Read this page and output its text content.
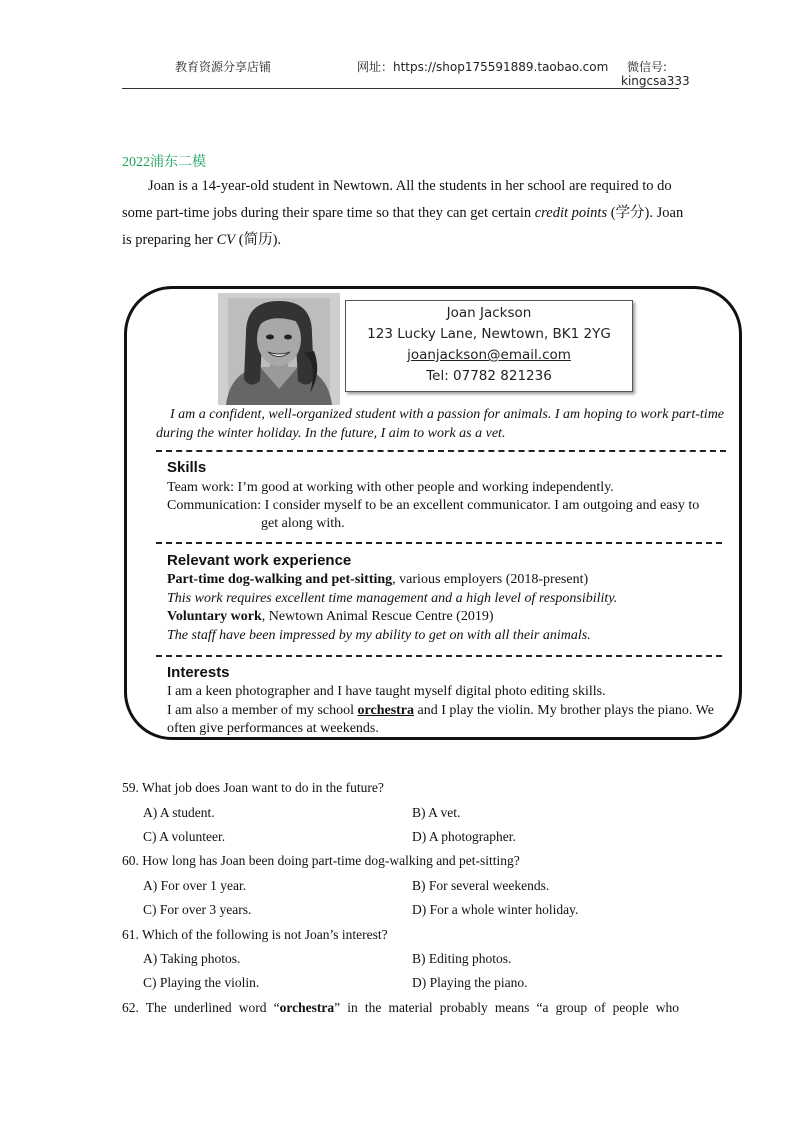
教育资源分享店铺	网址：https://shop175591889.taobao.com 微信号:
kingcsa333
2022浦东二模
Joan is a 14-year-old student in Newtown. All the students in her school are required to do
some part-time jobs during their spare time so that they can get certain credit points (学分). Joan
is preparing her CV (简历).
Joan Jackson
123 Lucky Lane, Newtown, BK1 2YG
joanjackson@email.com
Tel: 07782 821236
I am a confident, well-organized student with a passion for animals. I am hoping to work part-time
during the winter holiday. In the future, I aim to work as a vet.
Skills
Team work: I’m good at working with other people and working independently.
Communication: I consider myself to be an excellent communicator. I am outgoing and easy to
get along with.
Relevant work experience
Part-time dog-walking and pet-sitting, various employers (2018-present)
This work requires excellent time management and a high level of responsibility.
Voluntary work, Newtown Animal Rescue Centre (2019)
The staff have been impressed by my ability to get on with all their animals.
Interests
I am a keen photographer and I have taught myself digital photo editing skills.
I am also a member of my school orchestra and I play the violin. My brother plays the piano. We
often give performances at weekends.
59. What job does Joan want to do in the future?
A) A student.	B) A vet.
C) A volunteer.	D) A photographer.
60. How long has Joan been doing part-time dog-walking and pet-sitting?
A) For over 1 year.	B) For several weekends.
C) For over 3 years.	D) For a whole winter holiday.
61. Which of the following is not Joan’s interest?
A) Taking photos.	B) Editing photos.
C) Playing the violin.	D) Playing the piano.
62. The underlined word “orchestra” in the material probably means “a group of people who
